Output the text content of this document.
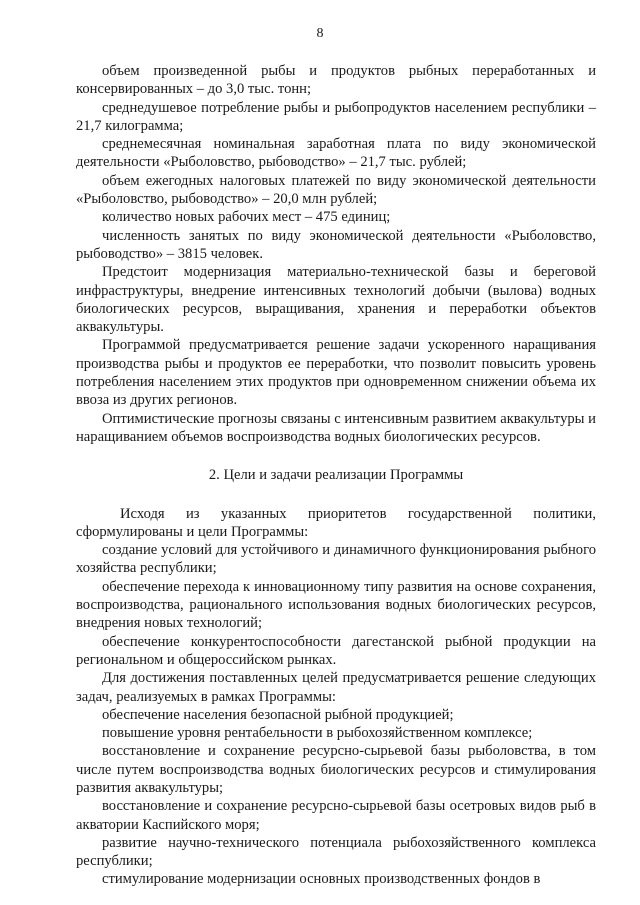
8

объем произведенной рыбы и продуктов рыбных переработанных и консервированных – до 3,0 тыс. тонн;

среднедушевое потребление рыбы и рыбопродуктов населением республики – 21,7 килограмма;

среднемесячная номинальная заработная плата по виду экономической деятельности «Рыболовство, рыбоводство» – 21,7 тыс. рублей;

объем ежегодных налоговых платежей по виду экономической деятельности «Рыболовство, рыбоводство» – 20,0 млн рублей;

количество новых рабочих мест – 475 единиц;

численность занятых по виду экономической деятельности «Рыболовство, рыбоводство» – 3815 человек.

Предстоит модернизация материально-технической базы и береговой инфраструктуры, внедрение интенсивных технологий добычи (вылова) водных биологических ресурсов, выращивания, хранения и переработки объектов аквакультуры.

Программой предусматривается решение задачи ускоренного наращивания производства рыбы и продуктов ее переработки, что позволит повысить уровень потребления населением этих продуктов при одновременном снижении объема их ввоза из других регионов.

Оптимистические прогнозы связаны с интенсивным развитием аквакультуры и наращиванием объемов воспроизводства водных биологических ресурсов.

2. Цели и задачи реализации Программы

Исходя из указанных приоритетов государственной политики, сформулированы и цели Программы:

создание условий для устойчивого и динамичного функционирования рыбного хозяйства республики;

обеспечение перехода к инновационному типу развития на основе сохранения, воспроизводства, рационального использования водных биологических ресурсов, внедрения новых технологий;

обеспечение конкурентоспособности дагестанской рыбной продукции на региональном и общероссийском рынках.

Для достижения поставленных целей предусматривается решение следующих задач, реализуемых в рамках Программы:

обеспечение населения безопасной рыбной продукцией;

повышение уровня рентабельности в рыбохозяйственном комплексе;

восстановление и сохранение ресурсно-сырьевой базы рыболовства, в том числе путем воспроизводства водных биологических ресурсов и стимулирования развития аквакультуры;

восстановление и сохранение ресурсно-сырьевой базы осетровых видов рыб в акватории Каспийского моря;

развитие научно-технического потенциала рыбохозяйственного комплекса республики;

стимулирование модернизации основных производственных фондов в
